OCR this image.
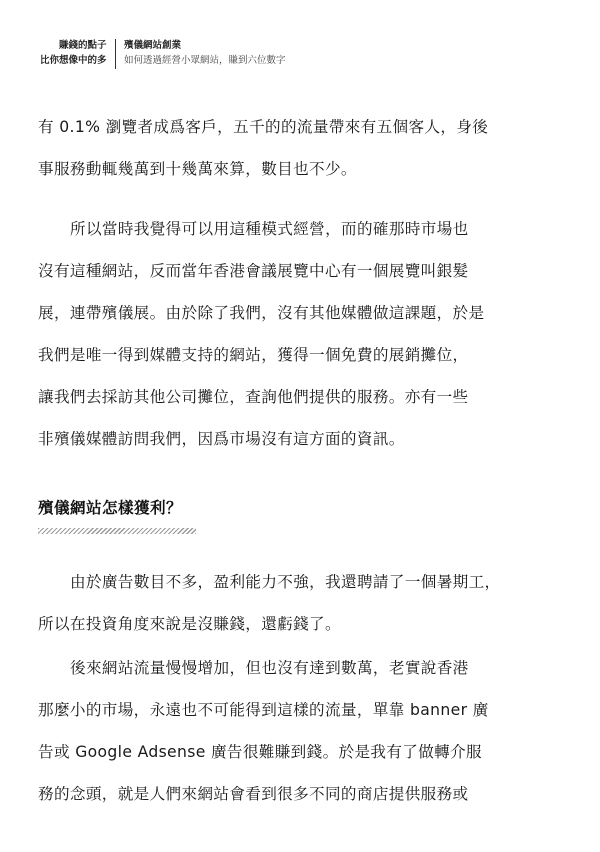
賺錢的點子
比你想像中的多
殯儀網站創業
如何透過經營小眾網站，賺到六位數字
有 0.1% 瀏覽者成爲客戶，五千的的流量帶來有五個客人，身後
事服務動輒幾萬到十幾萬來算，數目也不少。
所以當時我覺得可以用這種模式經營，而的確那時市場也
沒有這種網站，反而當年香港會議展覽中心有一個展覽叫銀髮
展，連帶殯儀展。由於除了我們，沒有其他媒體做這課題，於是
我們是唯一得到媒體支持的網站，獲得一個免費的展銷攤位，
讓我們去採訪其他公司攤位，查詢他們提供的服務。亦有一些
非殯儀媒體訪問我們，因爲市場沒有這方面的資訊。
殯儀網站怎樣獲利？
由於廣告數目不多，盈利能力不強，我還聘請了一個暑期工，
所以在投資角度來說是沒賺錢，還虧錢了。
後來網站流量慢慢增加，但也沒有達到數萬，老實說香港
那麼小的市場，永遠也不可能得到這樣的流量，單靠 banner 廣
告或 Google Adsense 廣告很難賺到錢。於是我有了做轉介服
務的念頭，就是人們來網站會看到很多不同的商店提供服務或
